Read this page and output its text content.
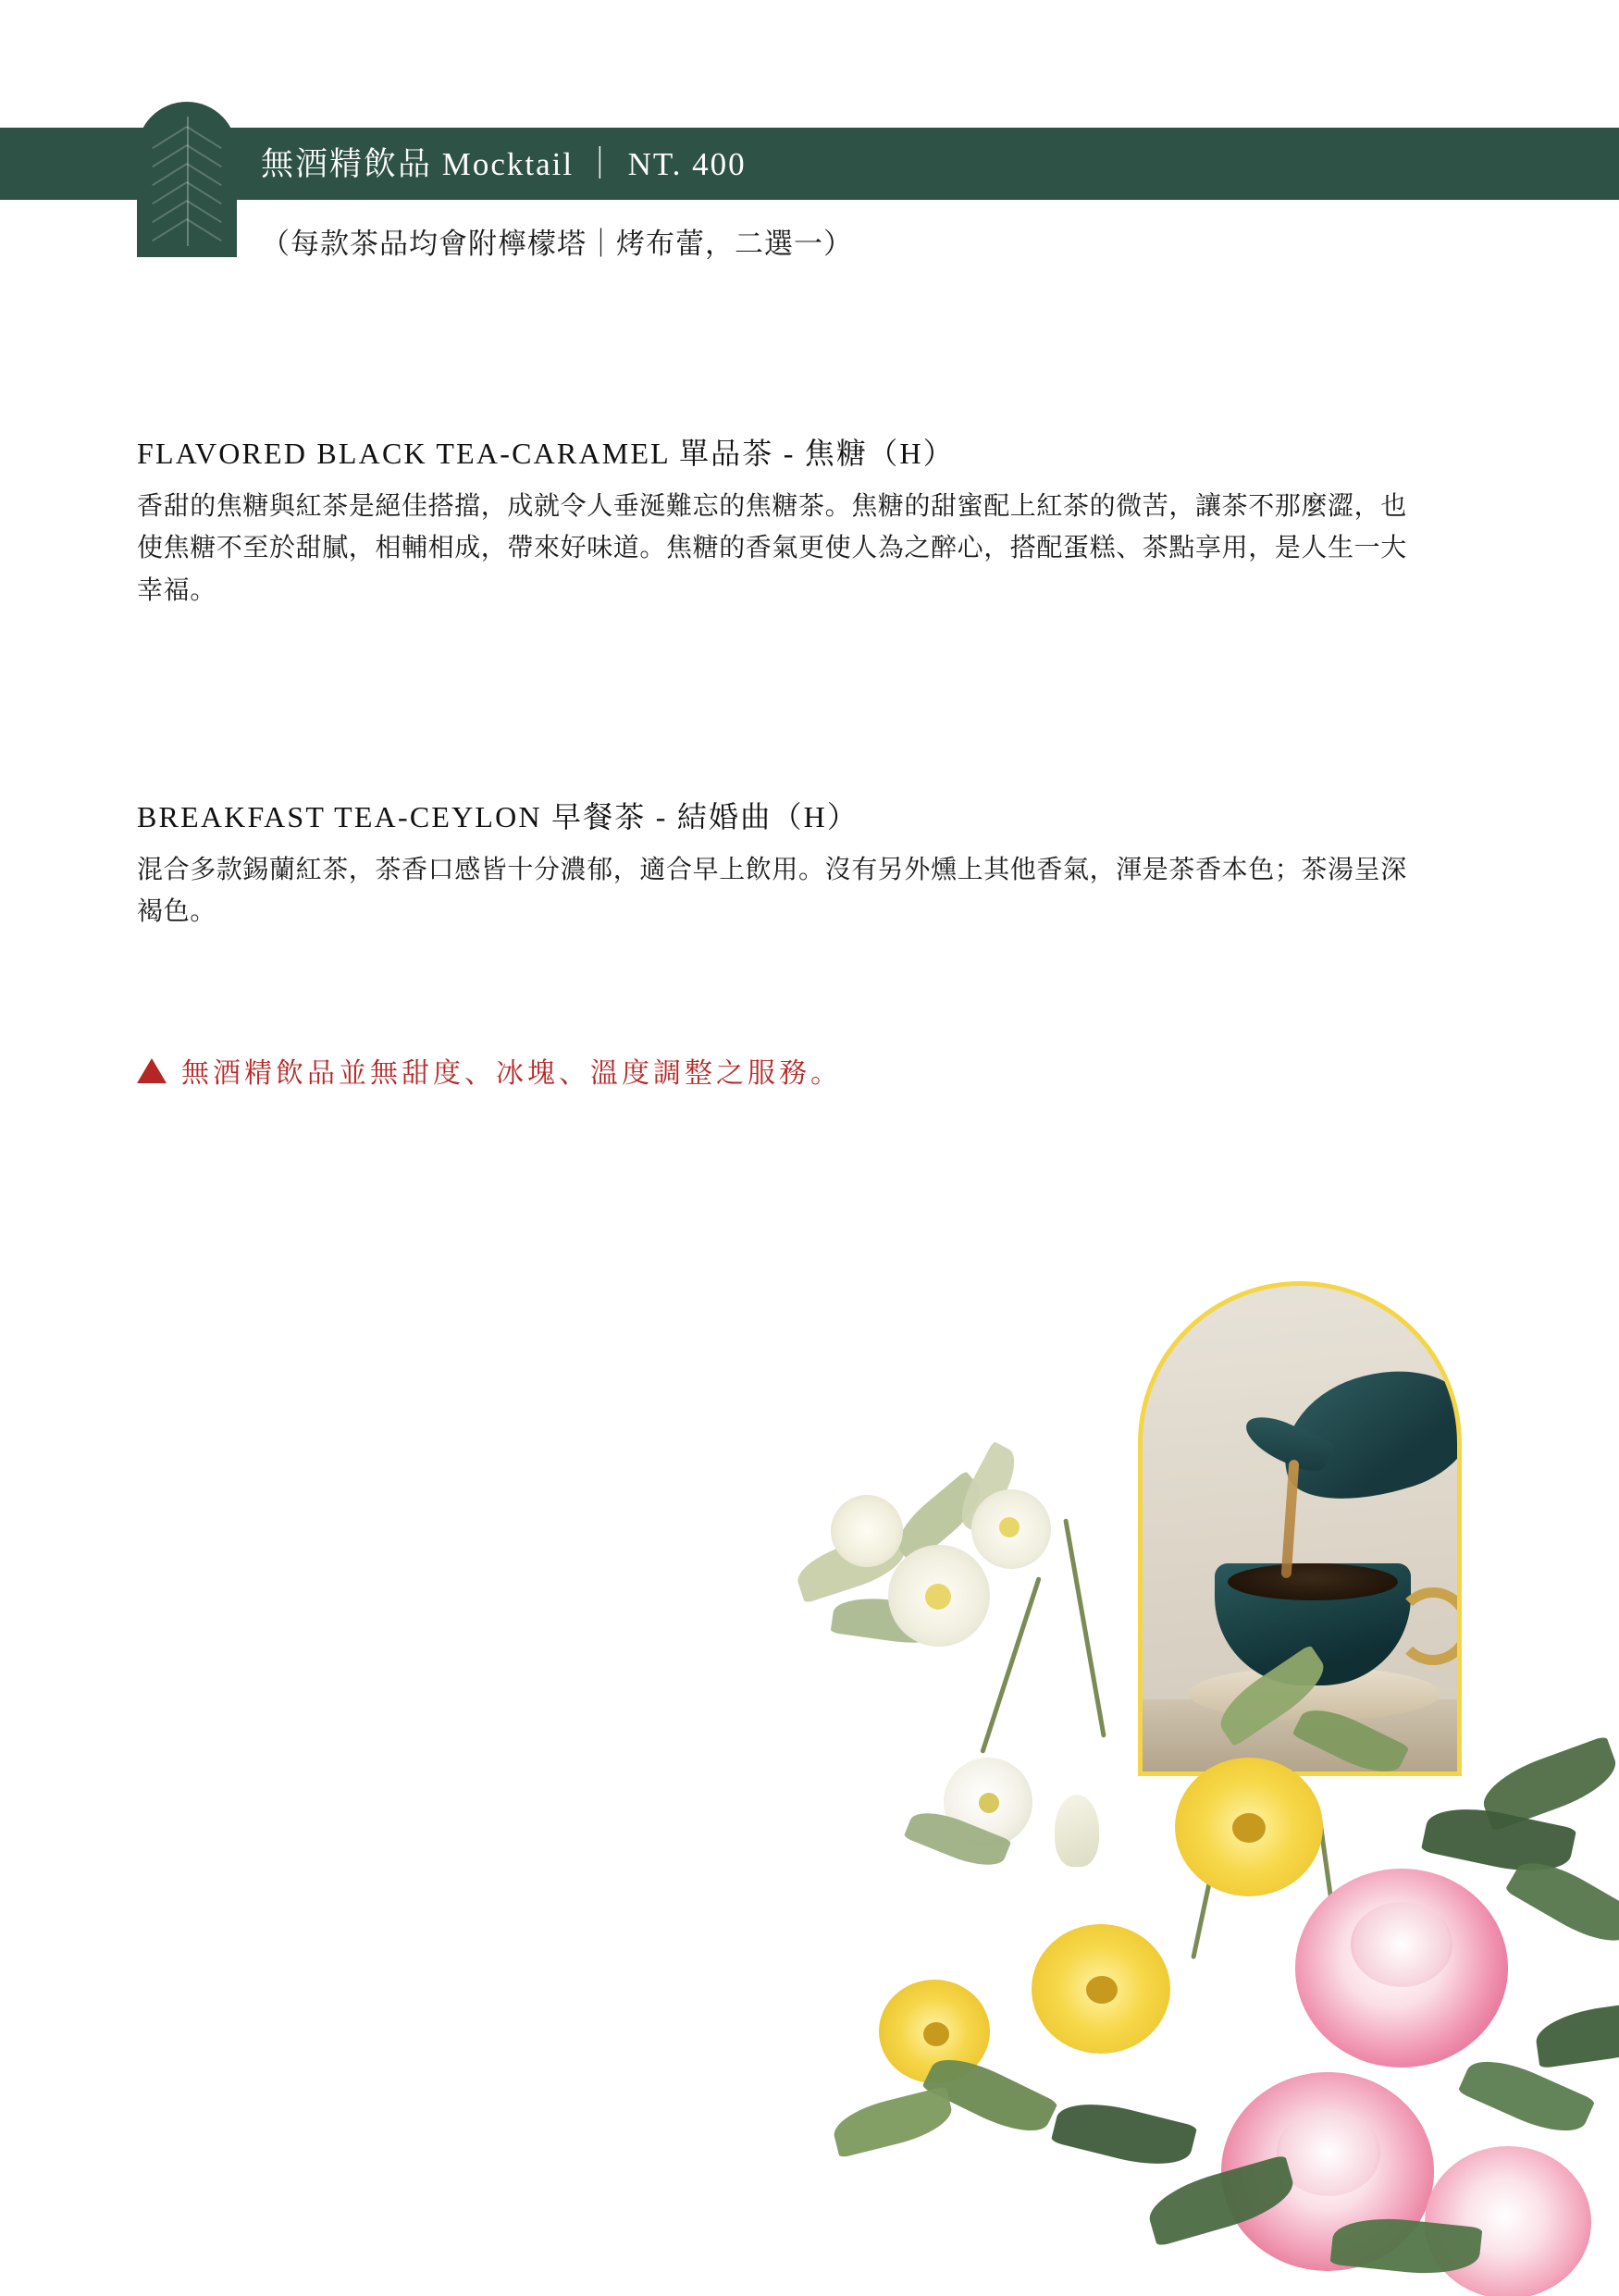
無酒精飲品 Mocktail ｜ NT. 400
（每款茶品均會附檸檬塔｜烤布蕾，二選一）
FLAVORED BLACK TEA-CARAMEL 單品茶 - 焦糖（H）
香甜的焦糖與紅茶是絕佳搭擋，成就令人垂涎難忘的焦糖茶。焦糖的甜蜜配上紅茶的微苦，讓茶不那麼澀，也使焦糖不至於甜膩，相輔相成，帶來好味道。焦糖的香氣更使人為之醉心，搭配蛋糕、茶點享用，是人生一大幸福。
BREAKFAST TEA-CEYLON 早餐茶 - 結婚曲（H）
混合多款錫蘭紅茶，茶香口感皆十分濃郁，適合早上飲用。沒有另外燻上其他香氣，渾是茶香本色；茶湯呈深褐色。
無酒精飲品並無甜度、冰塊、溫度調整之服務。
